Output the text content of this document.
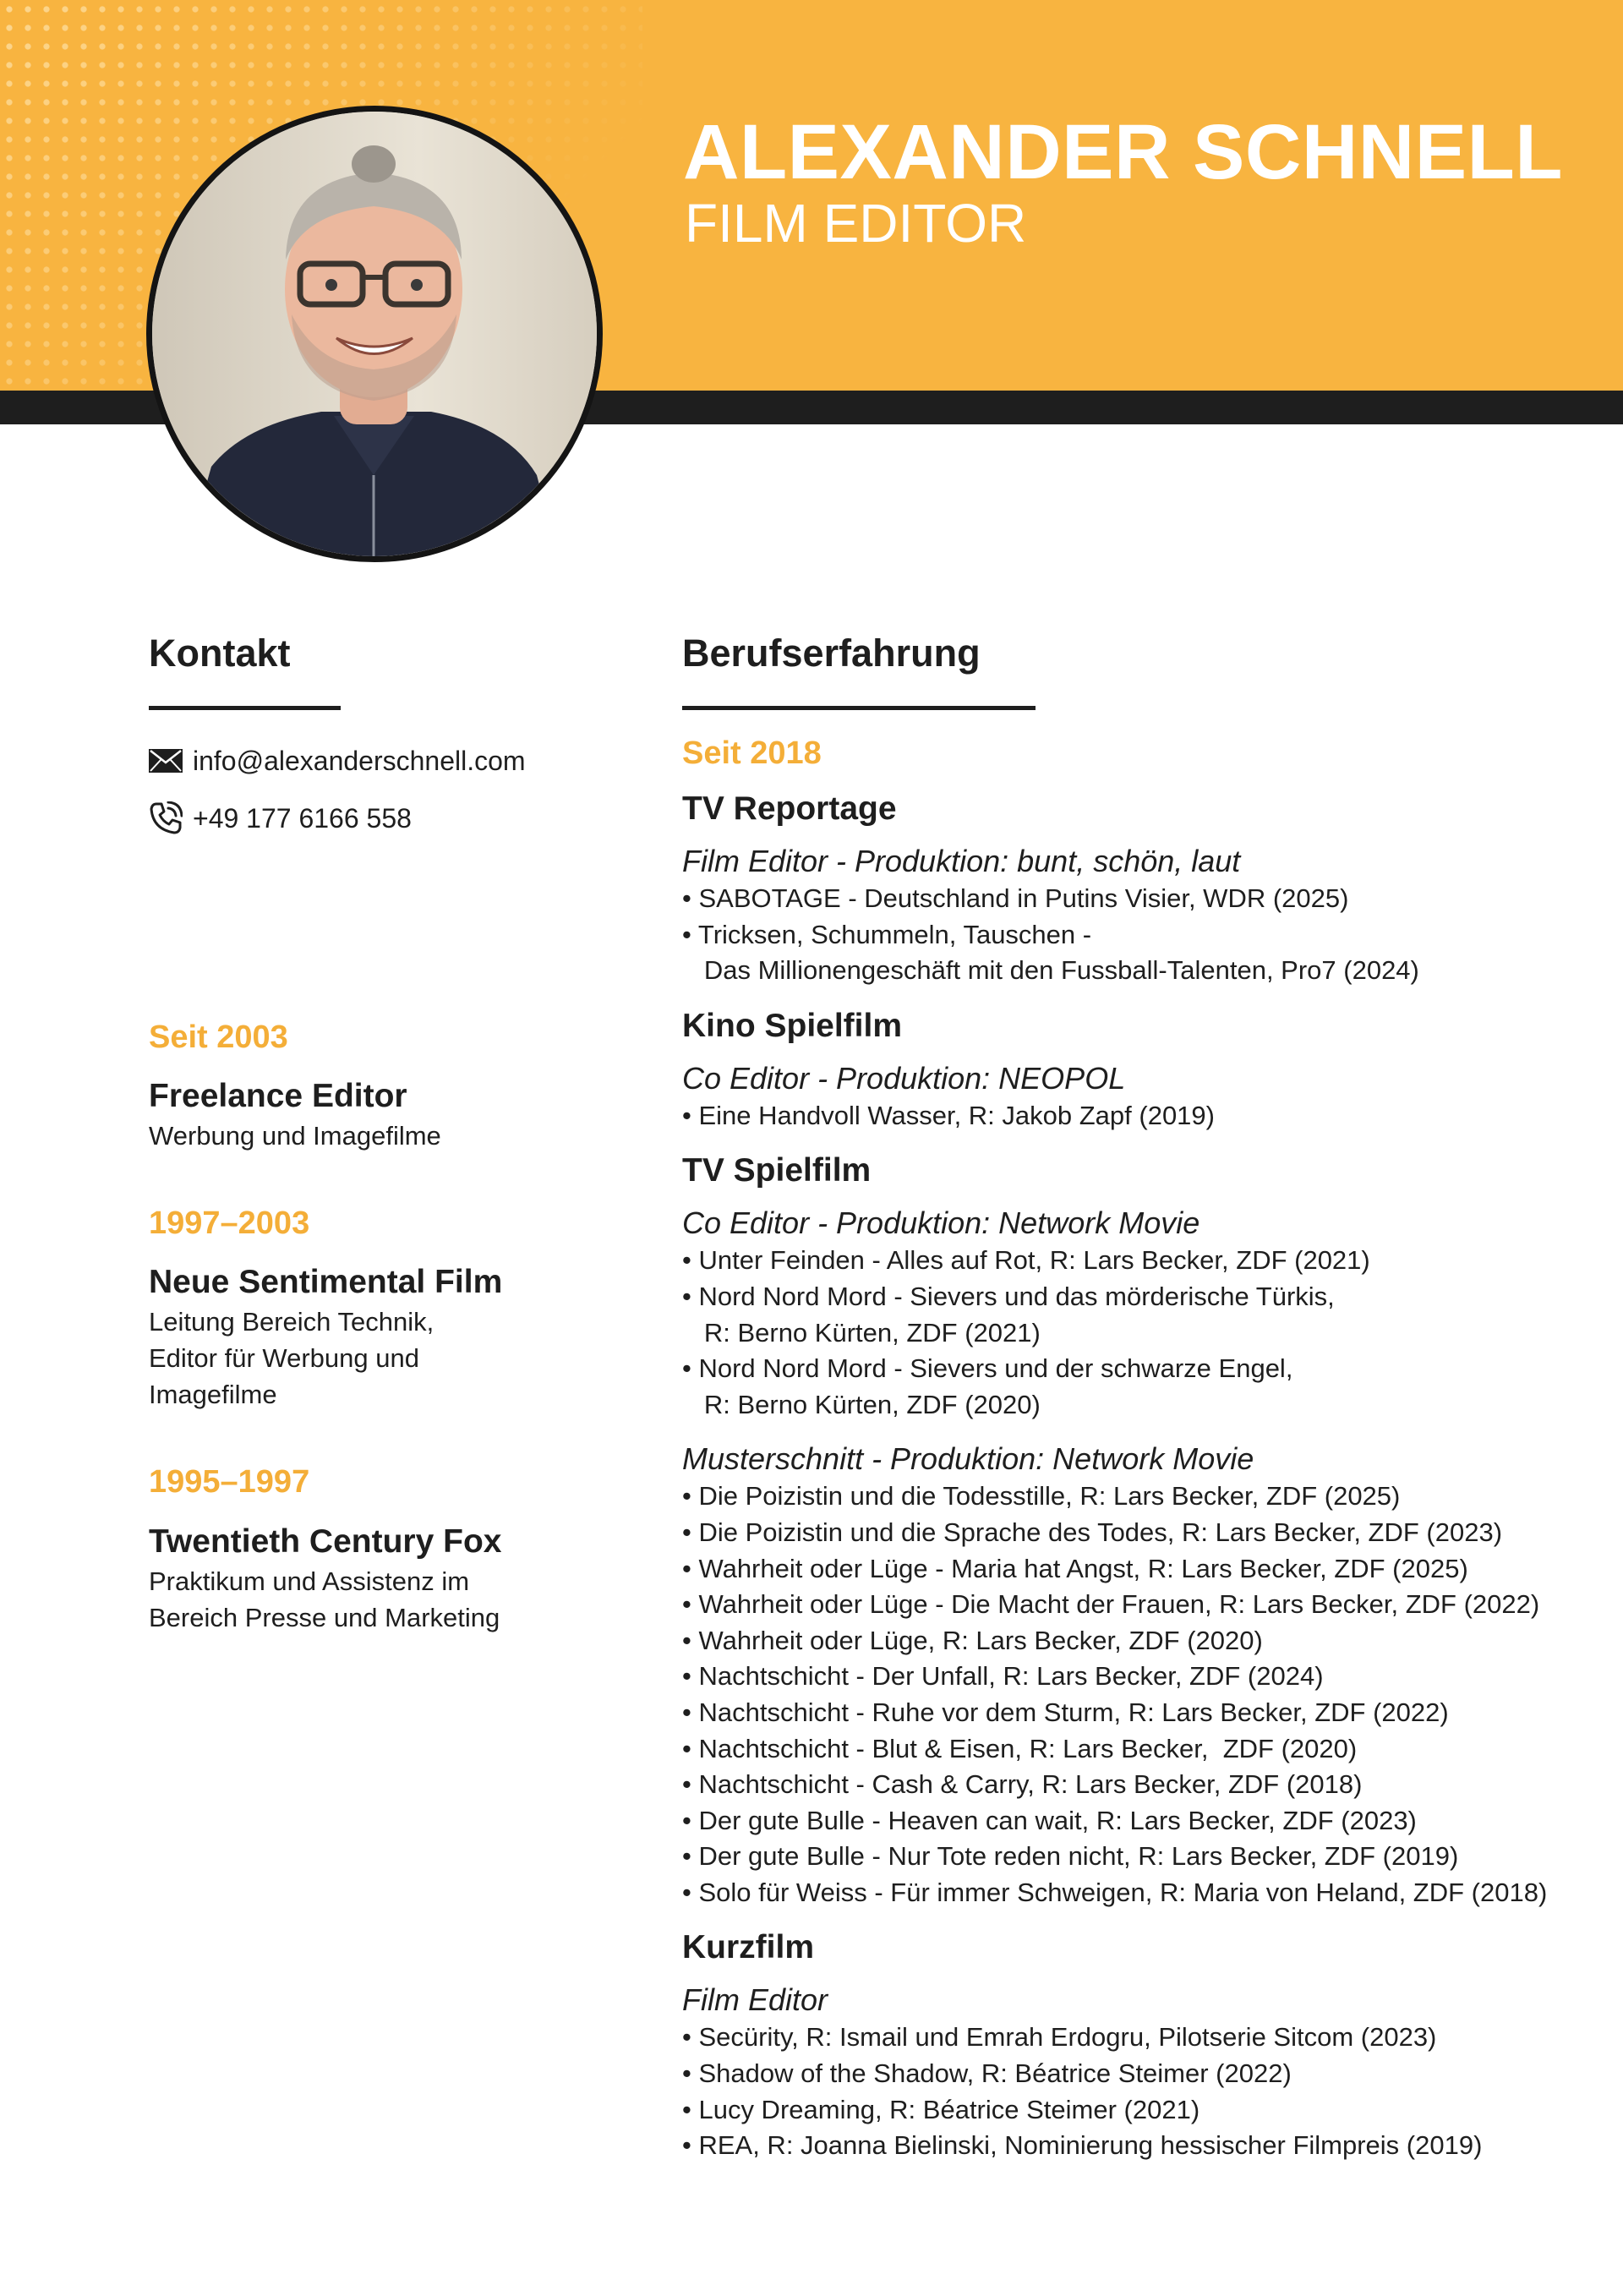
ALEXANDER SCHNELL
FILM EDITOR
Kontakt
info@alexanderschnell.com
+49 177 6166 558

Seit 2003

Freelance Editor

Werbung und Imagefilme

1997–2003

Neue Sentimental Film

Leitung Bereich Technik,
Editor für Werbung und
Imagefilme

1995–1997

Twentieth Century Fox

Praktikum und Assistenz im
Bereich Presse und Marketing

Berufserfahrung

Seit 2018

TV Reportage

Film Editor - Produktion: bunt, schön, laut

• SABOTAGE - Deutschland in Putins Visier, WDR (2025)
• Tricksen, Schummeln, Tauschen -
Das Millionengeschäft mit den Fussball-Talenten, Pro7 (2024)

Kino Spielfilm

Co Editor - Produktion: NEOPOL

• Eine Handvoll Wasser, R: Jakob Zapf (2019)

TV Spielfilm

Co Editor - Produktion: Network Movie

• Unter Feinden - Alles auf Rot, R: Lars Becker, ZDF (2021)
• Nord Nord Mord - Sievers und das mörderische Türkis,
R: Berno Kürten, ZDF (2021)
• Nord Nord Mord - Sievers und der schwarze Engel,
R: Berno Kürten, ZDF (2020)

Musterschnitt - Produktion: Network Movie

• Die Poizistin und die Todesstille, R: Lars Becker, ZDF (2025)
• Die Poizistin und die Sprache des Todes, R: Lars Becker, ZDF (2023)
• Wahrheit oder Lüge - Maria hat Angst, R: Lars Becker, ZDF (2025)
• Wahrheit oder Lüge - Die Macht der Frauen, R: Lars Becker, ZDF (2022)
• Wahrheit oder Lüge, R: Lars Becker, ZDF (2020)
• Nachtschicht - Der Unfall, R: Lars Becker, ZDF (2024)
• Nachtschicht - Ruhe vor dem Sturm, R: Lars Becker, ZDF (2022)
• Nachtschicht - Blut & Eisen, R: Lars Becker,  ZDF (2020)
• Nachtschicht - Cash & Carry, R: Lars Becker, ZDF (2018)
• Der gute Bulle - Heaven can wait, R: Lars Becker, ZDF (2023)
• Der gute Bulle - Nur Tote reden nicht, R: Lars Becker, ZDF (2019)
• Solo für Weiss - Für immer Schweigen, R: Maria von Heland, ZDF (2018)

Kurzfilm

Film Editor

• Secürity, R: Ismail und Emrah Erdogru, Pilotserie Sitcom (2023)
• Shadow of the Shadow, R: Béatrice Steimer (2022)
• Lucy Dreaming, R: Béatrice Steimer (2021)
• REA, R: Joanna Bielinski, Nominierung hessischer Filmpreis (2019)
